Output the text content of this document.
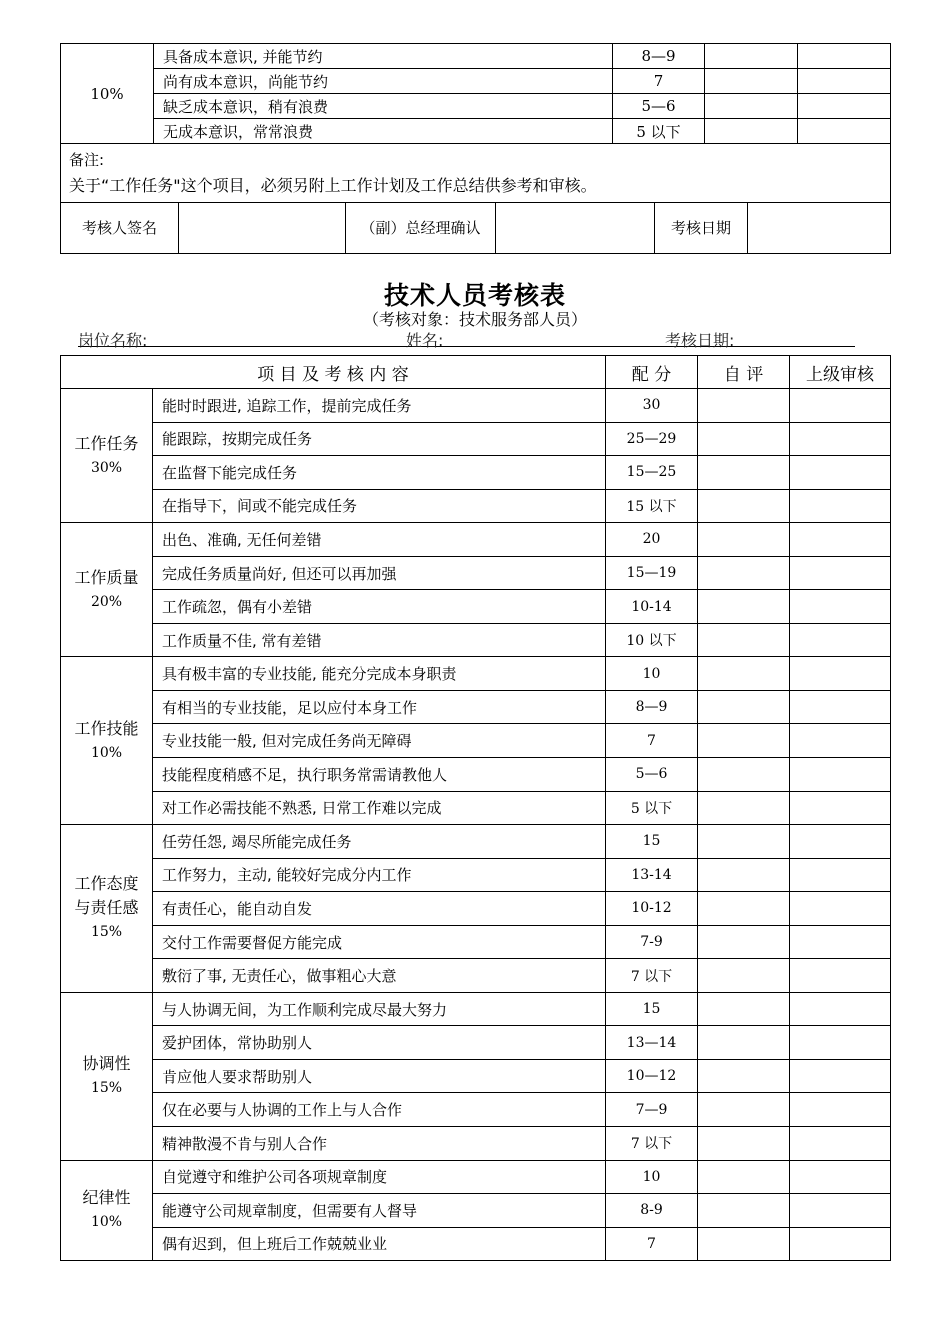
10%	具备成本意识, 并能节约	8—9		
	尚有成本意识，尚能节约	7		
	缺乏成本意识，稍有浪费	5—6		
	无成本意识，常常浪费	5 以下		

备注:
关于“工作任务"这个项目，必须另附上工作计划及工作总结供参考和审核。				
考核人签名		（副）总经理确认		考核日期	
技术人员考核表
（考核对象：技术服务部人员）
岗位名称:	姓名:	考核日期:
项 目 及 考 核 内 容		配 分	自 评	上级审核

工作任务
30%	能时时跟进, 追踪工作，提前完成任务	30		
	能跟踪，按期完成任务	25—29		
	在监督下能完成任务	15—25		
	在指导下，间或不能完成任务	15 以下		

工作质量
20%	出色、准确, 无任何差错	20		
	完成任务质量尚好, 但还可以再加强	15—19		
	工作疏忽，偶有小差错	10-14		
	工作质量不佳, 常有差错	10 以下		

工作技能
10%	具有极丰富的专业技能, 能充分完成本身职责	10		
	有相当的专业技能，足以应付本身工作	8—9		
	专业技能一般, 但对完成任务尚无障碍	7		
	技能程度稍感不足，执行职务常需请教他人	5—6		
	对工作必需技能不熟悉, 日常工作难以完成	5 以下		

工作态度
与责任感
15%	任劳任怨, 竭尽所能完成任务	15		
	工作努力，主动, 能较好完成分内工作	13-14		
	有责任心，能自动自发	10-12		
	交付工作需要督促方能完成	7-9		
	敷衍了事, 无责任心，做事粗心大意	7 以下		

协调性
15%	与人协调无间，为工作顺利完成尽最大努力	15		
	爱护团体，常协助别人	13—14		
	肯应他人要求帮助别人	10—12		
	仅在必要与人协调的工作上与人合作	7—9		
	精神散漫不肯与别人合作	7 以下		

纪律性
10%	自觉遵守和维护公司各项规章制度	10		
	能遵守公司规章制度，但需要有人督导	8-9		
	偶有迟到，但上班后工作兢兢业业	7		
